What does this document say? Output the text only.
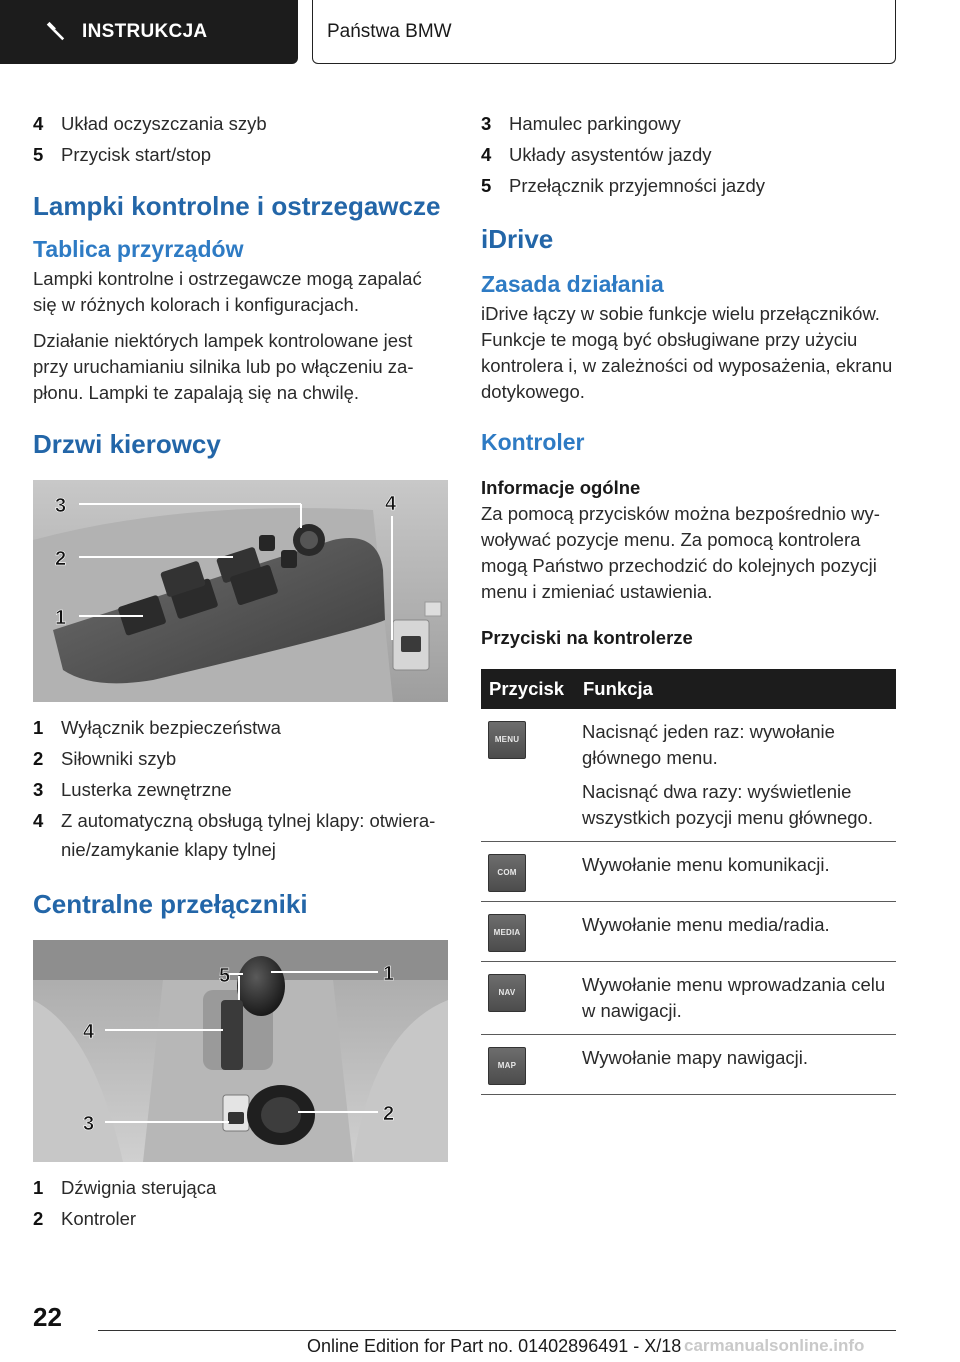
INSTRUKCJA	Państwa BMW
4 Układ oczyszczania szyb
5 Przycisk start/stop
Lampki kontrolne i ostrzegawcze
Tablica przyrządów

Lampki kontrolne i ostrzegawcze mogą zapalać się w różnych kolorach i konfiguracjach.

Działanie niektórych lampek kontrolowane jest przy uruchamianiu silnika lub po włączeniu zapłonu. Lampki te zapalają się na chwilę.

Drzwi kierowcy
3
2
1
4
1 Wyłącznik bezpieczeństwa
2 Siłowniki szyb
3 Lusterka zewnętrzne
4 Z automatyczną obsługą tylnej klapy: otwieranie/zamykanie klapy tylnej
Centralne przełączniki
1
2
3
4
5
1 Dźwignia sterująca
2 Kontroler
3 Hamulec parkingowy
4 Układy asystentów jazdy
5 Przełącznik przyjemności jazdy
iDrive
Zasada działania

iDrive łączy w sobie funkcje wielu przełączników. Funkcje te mogą być obsługiwane przy użyciu kontrolera i, w zależności od wyposażenia, ekranu dotykowego.

Kontroler
Informacje ogólne

Za pomocą przycisków można bezpośrednio wywoływać pozycje menu. Za pomocą kontrolera mogą Państwo przechodzić do kolejnych pozycji menu i zmieniać ustawienia.

Przyciski na kontrolerze
Przycisk	Funkcja

MENU	Nacisnąć jeden raz: wywołanie głównego menu.
Nacisnąć dwa razy: wyświetlenie wszystkich pozycji menu głównego.

COM	Wywołanie menu komunikacji.

MEDIA	Wywołanie menu media/radia.

NAV	Wywołanie menu wprowadzania celu w nawigacji.

MAP	Wywołanie mapy nawigacji.
22
Online Edition for Part no. 01402896491 - X/18 carmanualsonline.info
